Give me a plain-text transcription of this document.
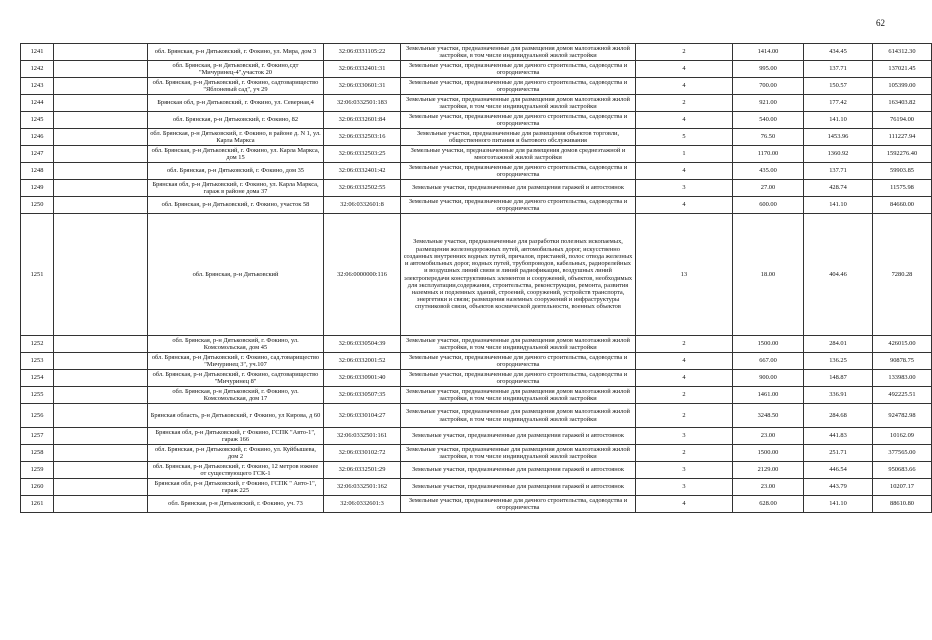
62
1241		обл. Брянская, р-н Дятьковский, г. Фокино, ул. Мира, дом 3	32:06:0331105:22	Земельные участки, предназначенные для размещения домов малоэтажной жилой застройки, в том числе индивидуальной жилой застройки	2	1414.00	434.45	614312.30
1242		обл. Брянская, р-н Дятьковский, г. Фокино,сдт "Мичуринец-4",участок 20	32:06:0332401:31	Земельные участки, предназначенные для дачного строительства, садоводства и огородничества	4	995.00	137.71	137021.45
1243		обл. Брянская, р-н Дятьковский, г. Фокино, садтоварищество "Яблоневый сад", уч 29	32:06:0330601:31	Земельные участки, предназначенные для дачного строительства, садоводства и огородничества	4	700.00	150.57	105399.00
1244		Брянская обл, р-н Дятьковский, г. Фокино, ул. Северная,4	32:06:0332501:183	Земельные участки, предназначенные для размещения домов малоэтажной жилой застройки, в том числе индивидуальной жилой застройки	2	921.00	177.42	163403.82
1245		обл. Брянская, р-н Дятьковский, г. Фокино, 82	32:06:0332601:84	Земельные участки, предназначенные для дачного строительства, садоводства и огородничества	4	540.00	141.10	76194.00
1246		обл. Брянская, р-н Дятьковский, г. Фокино, в районе д. N 1, ул. Карла Маркса	32:06:0332503:16	Земельные участки, предназначенные для размещения объектов торговли, общественного питания и бытового обслуживания	5	76.50	1453.96	111227.94
1247		обл. Брянская, р-н Дятьковский, г. Фокино, ул. Карла Маркса, дом 15	32:06:0332503:25	Земельные участки, предназначенные для размещения домов среднеэтажной и многоэтажной жилой застройки	1	1170.00	1360.92	1592276.40
1248		обл. Брянская, р-н Дятьковский, г. Фокино, дом 35	32:06:0332401:42	Земельные участки, предназначенные для дачного строительства, садоводства и огородничества	4	435.00	137.71	59903.85
1249		Брянская обл, р-н Дятьковский, г. Фокино, ул. Карла Маркса, гараж в районе дома 37	32:06:0332502:55	Земельные участки, предназначенные для размещения гаражей и автостоянок	3	27.00	428.74	11575.98
1250		обл. Брянская, р-н Дятьковский, г. Фокино, участок 58	32:06:0332601:8	Земельные участки, предназначенные для дачного строительства, садоводства и огородничества	4	600.00	141.10	84660.00
1251		обл. Брянская, р-н Дятьковский	32:06:0000000:116	Земельные участки, предназначенные для разработки полезных ископаемых, размещения железнодорожных путей, автомобильных дорог, искусственно созданных внутренних водных путей, причалов, пристаней, полос отвода железных и автомобильных дорог, водных путей, трубопроводов, кабельных, радиорелейных и воздушных линий связи и линий радиофикации, воздушных линий электропередачи конструктивных элементов и сооружений, объектов, необходимых для эксплуатации,содержания, строительства, реконструкции, ремонта, развития наземных и подземных зданий, строений, сооружений, устройств транспорта, энергетики и связи; размещения наземных сооружений и инфраструктуры спутниковой связи, объектов космической деятельности, военных объектов	13	18.00	404.46	7280.28
1252		обл. Брянская, р-н Дятьковский, г. Фокино, ул. Комсомольская, дом 45	32:06:0330504:39	Земельные участки, предназначенные для размещения домов малоэтажной жилой застройки, в том числе индивидуальной жилой застройки	2	1500.00	284.01	426015.00
1253		обл. Брянская, р-н Дятьковский, г. Фокино, сад.товарищество "Мичуринец 3", уч.107	32:06:0332001:52	Земельные участки, предназначенные для дачного строительства, садоводства и огородничества	4	667.00	136.25	90878.75
1254		обл. Брянская, р-н Дятьковский, г. Фокино, садтоварищество "Мичуринец 8"	32:06:0330901:40	Земельные участки, предназначенные для дачного строительства, садоводства и огородничества	4	900.00	148.87	133983.00
1255		обл. Брянская, р-н Дятьковский, г. Фокино, ул. Комсомольская, дом 17	32:06:0330507:35	Земельные участки, предназначенные для размещения домов малоэтажной жилой застройки, в том числе индивидуальной жилой застройки	2	1461.00	336.91	492225.51
1256		Брянская область, р-н Дятьковский, г Фокино, ул Кирова, д 60	32:06:0330104:27	Земельные участки, предназначенные для размещения домов малоэтажной жилой застройки, в том числе индивидуальной жилой застройки	2	3248.50	284.68	924782.98
1257		Брянская обл, р-н Дятьковский, г Фокино, ГСПК "Авто-1", гараж 166	32:06:0332501:161	Земельные участки, предназначенные для размещения гаражей и автостоянок	3	23.00	441.83	10162.09
1258		обл. Брянская, р-н Дятьковский, г. Фокино, ул. Куйбышева, дом 2	32:06:0330102:72	Земельные участки, предназначенные для размещения домов малоэтажной жилой застройки, в том числе индивидуальной жилой застройки	2	1500.00	251.71	377565.00
1259		обл. Брянская, р-н Дятьковский, г. Фокино, 12 метров южнее от существующего ГСК-1	32:06:0332501:29	Земельные участки, предназначенные для размещения гаражей и автостоянок	3	2129.00	446.54	950683.66
1260		Брянская обл, р-н Дятьковский, г Фокино, ГСПК " Авто-1", гараж 225	32:06:0332501:162	Земельные участки, предназначенные для размещения гаражей и автостоянок	3	23.00	443.79	10207.17
1261		обл. Брянская, р-н Дятьковский, г. Фокино, уч. 73	32:06:0332601:3	Земельные участки, предназначенные для дачного строительства, садоводства и огородничества	4	628.00	141.10	88610.80
